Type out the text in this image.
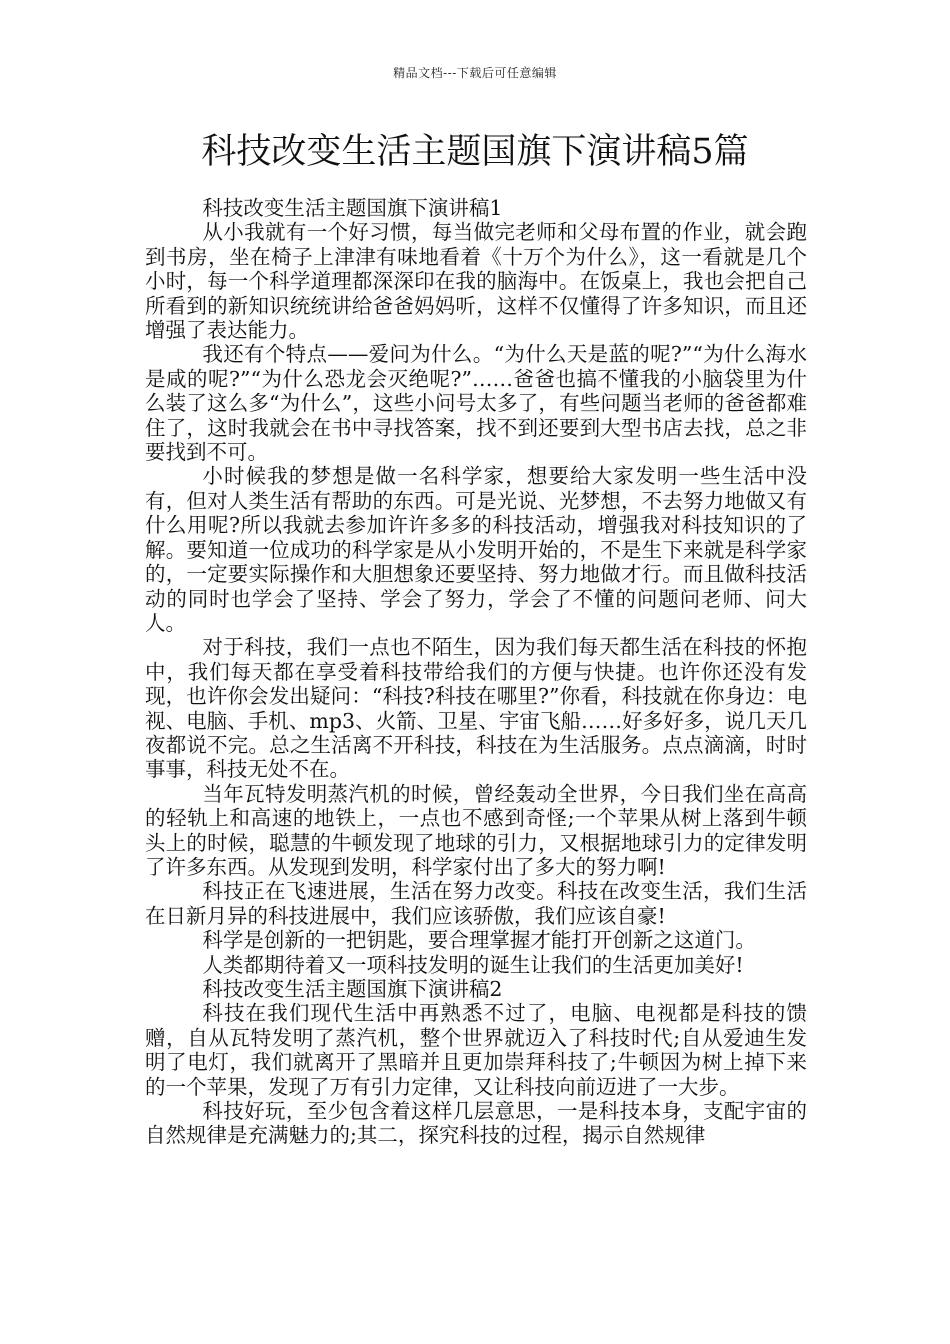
精品文档---下载后可任意编辑
科技改变生活主题国旗下演讲稿5篇

科技改变生活主题国旗下演讲稿1

从小我就有一个好习惯，每当做完老师和父母布置的作业，就会跑到书房，坐在椅子上津津有味地看着《十万个为什么》，这一看就是几个小时，每一个科学道理都深深印在我的脑海中。在饭桌上，我也会把自己所看到的新知识统统讲给爸爸妈妈听，这样不仅懂得了许多知识，而且还增强了表达能力。

我还有个特点——爱问为什么。“为什么天是蓝的呢?”“为什么海水是咸的呢?”“为什么恐龙会灭绝呢?”……爸爸也搞不懂我的小脑袋里为什么装了这么多“为什么”，这些小问号太多了，有些问题当老师的爸爸都难住了，这时我就会在书中寻找答案，找不到还要到大型书店去找，总之非要找到不可。

小时候我的梦想是做一名科学家，想要给大家发明一些生活中没有，但对人类生活有帮助的东西。可是光说、光梦想，不去努力地做又有什么用呢?所以我就去参加许许多多的科技活动，增强我对科技知识的了解。要知道一位成功的科学家是从小发明开始的，不是生下来就是科学家的，一定要实际操作和大胆想象还要坚持、努力地做才行。而且做科技活动的同时也学会了坚持、学会了努力，学会了不懂的问题问老师、问大人。

对于科技，我们一点也不陌生，因为我们每天都生活在科技的怀抱中，我们每天都在享受着科技带给我们的方便与快捷。也许你还没有发现，也许你会发出疑问：“科技?科技在哪里?”你看，科技就在你身边：电视、电脑、手机、mp3、火箭、卫星、宇宙飞船……好多好多，说几天几夜都说不完。总之生活离不开科技，科技在为生活服务。点点滴滴，时时事事，科技无处不在。

当年瓦特发明蒸汽机的时候，曾经轰动全世界，今日我们坐在高高的轻轨上和高速的地铁上，一点也不感到奇怪;一个苹果从树上落到牛顿头上的时候，聪慧的牛顿发现了地球的引力，又根据地球引力的定律发明了许多东西。从发现到发明，科学家付出了多大的努力啊!

科技正在飞速进展，生活在努力改变。科技在改变生活，我们生活在日新月异的科技进展中，我们应该骄傲，我们应该自豪!

科学是创新的一把钥匙，要合理掌握才能打开创新之这道门。

人类都期待着又一项科技发明的诞生让我们的生活更加美好!

科技改变生活主题国旗下演讲稿2

科技在我们现代生活中再熟悉不过了，电脑、电视都是科技的馈赠，自从瓦特发明了蒸汽机，整个世界就迈入了科技时代;自从爱迪生发明了电灯，我们就离开了黑暗并且更加崇拜科技了;牛顿因为树上掉下来的一个苹果，发现了万有引力定律，又让科技向前迈进了一大步。

科技好玩，至少包含着这样几层意思，一是科技本身，支配宇宙的自然规律是充满魅力的;其二，探究科技的过程，揭示自然规律
